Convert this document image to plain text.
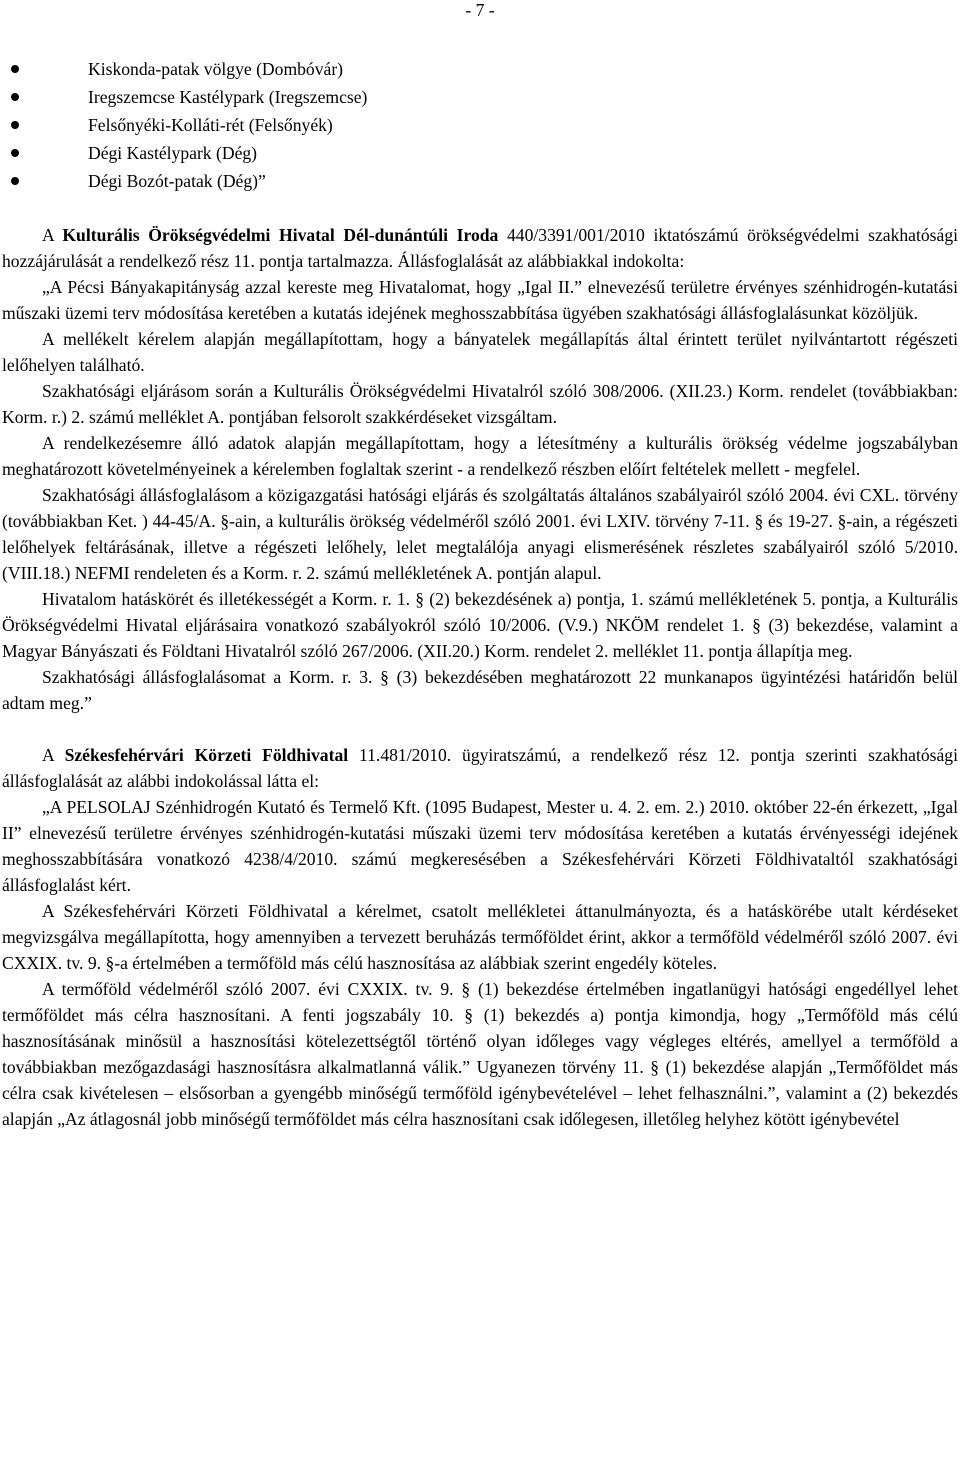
- 7 -
Kiskonda-patak völgye (Dombóvár)
Iregszemcse Kastélypark (Iregszemcse)
Felsőnyéki-Kolláti-rét (Felsőnyék)
Dégi Kastélypark (Dég)
Dégi Bozót-patak (Dég)”

A Kulturális Örökségvédelmi Hivatal Dél-dunántúli Iroda 440/3391/001/2010 iktatószámú örökségvédelmi szakhatósági hozzájárulását a rendelkező rész 11. pontja tartalmazza. Állásfoglalását az alábbiakkal indokolta:

„A Pécsi Bányakapitányság azzal kereste meg Hivatalomat, hogy „Igal II.” elnevezésű területre érvényes szénhidrogén-kutatási műszaki üzemi terv módosítása keretében a kutatás idejének meghosszabbítása ügyében szakhatósági állásfoglalásunkat közöljük.

A mellékelt kérelem alapján megállapítottam, hogy a bányatelek megállapítás által érintett terület nyilvántartott régészeti lelőhelyen található.

Szakhatósági eljárásom során a Kulturális Örökségvédelmi Hivatalról szóló 308/2006. (XII.23.) Korm. rendelet (továbbiakban: Korm. r.) 2. számú melléklet A. pontjában felsorolt szakkérdéseket vizsgáltam.

A rendelkezésemre álló adatok alapján megállapítottam, hogy a létesítmény a kulturális örökség védelme jogszabályban meghatározott követelményeinek a kérelemben foglaltak szerint - a rendelkező részben előírt feltételek mellett - megfelel.

Szakhatósági állásfoglalásom a közigazgatási hatósági eljárás és szolgáltatás általános szabályairól szóló 2004. évi CXL. törvény (továbbiakban Ket. ) 44-45/A. §-ain, a kulturális örökség védelméről szóló 2001. évi LXIV. törvény 7-11. § és 19-27. §-ain, a régészeti lelőhelyek feltárásának, illetve a régészeti lelőhely, lelet megtalálója anyagi elismerésének részletes szabályairól szóló 5/2010. (VIII.18.) NEFMI rendeleten és a Korm. r. 2. számú mellékletének A. pontján alapul.

Hivatalom hatáskörét és illetékességét a Korm. r. 1. § (2) bekezdésének a) pontja, 1. számú mellékletének 5. pontja, a Kulturális Örökségvédelmi Hivatal eljárásaira vonatkozó szabályokról szóló 10/2006. (V.9.) NKÖM rendelet 1. § (3) bekezdése, valamint a Magyar Bányászati és Földtani Hivatalról szóló 267/2006. (XII.20.) Korm. rendelet 2. melléklet 11. pontja állapítja meg.

Szakhatósági állásfoglalásomat a Korm. r. 3. § (3) bekezdésében meghatározott 22 munkanapos ügyintézési határidőn belül adtam meg.”

A Székesfehérvári Körzeti Földhivatal 11.481/2010. ügyiratszámú, a rendelkező rész 12. pontja szerinti szakhatósági állásfoglalását az alábbi indokolással látta el:

„A PELSOLAJ Szénhidrogén Kutató és Termelő Kft. (1095 Budapest, Mester u. 4. 2. em. 2.) 2010. október 22-én érkezett, „Igal II” elnevezésű területre érvényes szénhidrogén-kutatási műszaki üzemi terv módosítása keretében a kutatás érvényességi idejének meghosszabbítására vonatkozó 4238/4/2010. számú megkeresésében a Székesfehérvári Körzeti Földhivataltól szakhatósági állásfoglalást kért.

A Székesfehérvári Körzeti Földhivatal a kérelmet, csatolt mellékletei áttanulmányozta, és a hatáskörébe utalt kérdéseket megvizsgálva megállapította, hogy amennyiben a tervezett beruházás termőföldet érint, akkor a termőföld védelméről szóló 2007. évi CXXIX. tv. 9. §-a értelmében a termőföld más célú hasznosítása az alábbiak szerint engedély köteles.

A termőföld védelméről szóló 2007. évi CXXIX. tv. 9. § (1) bekezdése értelmében ingatlanügyi hatósági engedéllyel lehet termőföldet más célra hasznosítani. A fenti jogszabály 10. § (1) bekezdés a) pontja kimondja, hogy „Termőföld más célú hasznosításának minősül a hasznosítási kötelezettségtől történő olyan időleges vagy végleges eltérés, amellyel a termőföld a továbbiakban mezőgazdasági hasznosításra alkalmatlanná válik.” Ugyanezen törvény 11. § (1) bekezdése alapján „Termőföldet más célra csak kivételesen – elsősorban a gyengébb minőségű termőföld igénybevételével – lehet felhasználni.”, valamint a (2) bekezdés alapján „Az átlagosnál jobb minőségű termőföldet más célra hasznosítani csak időlegesen, illetőleg helyhez kötött igénybevétel
